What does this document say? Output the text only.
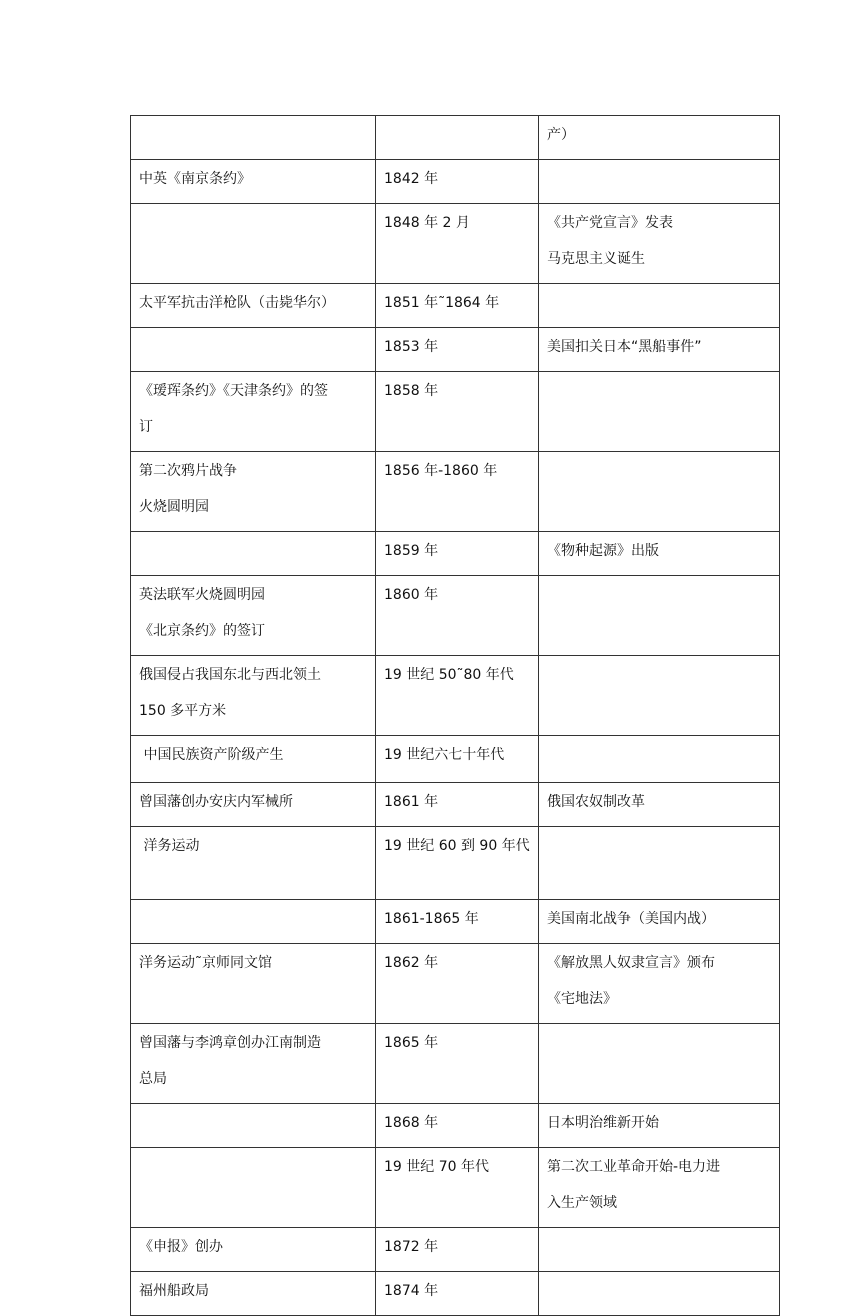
		产）

中英《南京条约》	1842 年	

	1848 年 2 月	《共产党宣言》发表
马克思主义诞生

太平军抗击洋枪队（击毙华尔）	1851 年˜1864 年	

	1853 年	美国扣关日本“黑船事件”

《瑷珲条约》《天津条约》的签
订	1858 年	

第二次鸦片战争
火烧圆明园	1856 年-1860 年	

	1859 年	《物种起源》出版

英法联军火烧圆明园
《北京条约》的签订	1860 年	

俄国侵占我国东北与西北领土
150 多平方米	19 世纪 50˜80 年代	

中国民族资产阶级产生	19 世纪六七十年代	

曾国藩创办安庆内军械所	1861 年	俄国农奴制改革

洋务运动	19 世纪 60 到 90 年代	

	1861-1865 年	美国南北战争（美国内战）

洋务运动˜京师同文馆	1862 年	《解放黑人奴隶宣言》颁布
《宅地法》

曾国藩与李鸿章创办江南制造
总局	1865 年	

	1868 年	日本明治维新开始

	19 世纪 70 年代	第二次工业革命开始-电力进
入生产领域

《申报》创办	1872 年	

福州船政局	1874 年	
